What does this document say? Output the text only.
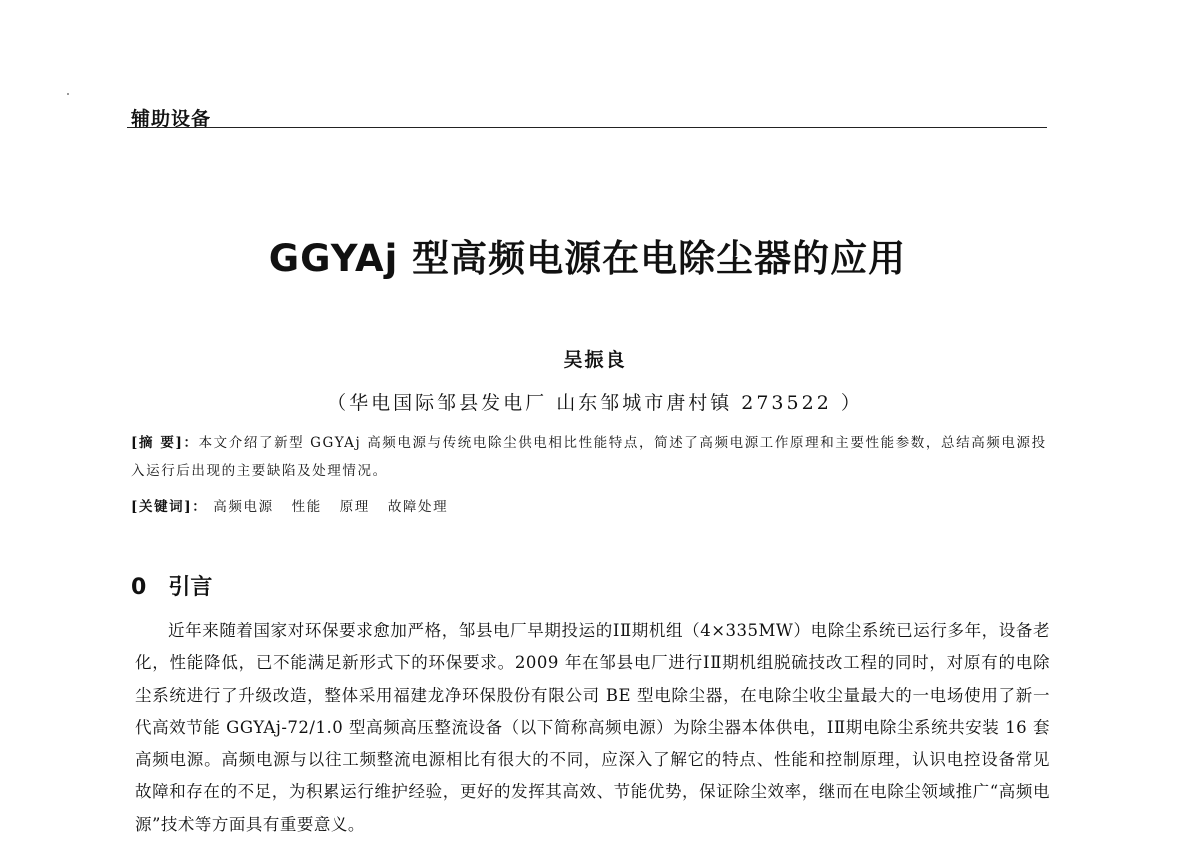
辅助设备
GGYAj 型高频电源在电除尘器的应用
吴振良
（华电国际邹县发电厂 山东邹城市唐村镇 273522 ）
[摘 要]：本文介绍了新型 GGYAj 高频电源与传统电除尘供电相比性能特点，简述了高频电源工作原理和主要性能参数，总结高频电源投入运行后出现的主要缺陷及处理情况。
[关键词]： 高频电源 性能 原理 故障处理
0 引言
近年来随着国家对环保要求愈加严格，邹县电厂早期投运的ⅠⅡ期机组（4×335MW）电除尘系统已运行多年，设备老化，性能降低，已不能满足新形式下的环保要求。2009 年在邹县电厂进行ⅠⅡ期机组脱硫技改工程的同时，对原有的电除尘系统进行了升级改造，整体采用福建龙净环保股份有限公司 BE 型电除尘器，在电除尘收尘量最大的一电场使用了新一代高效节能 GGYAj-72/1.0 型高频高压整流设备（以下简称高频电源）为除尘器本体供电，ⅠⅡ期电除尘系统共安装 16 套高频电源。高频电源与以往工频整流电源相比有很大的不同，应深入了解它的特点、性能和控制原理，认识电控设备常见故障和存在的不足，为积累运行维护经验，更好的发挥其高效、节能优势，保证除尘效率，继而在电除尘领域推广“高频电源”技术等方面具有重要意义。
